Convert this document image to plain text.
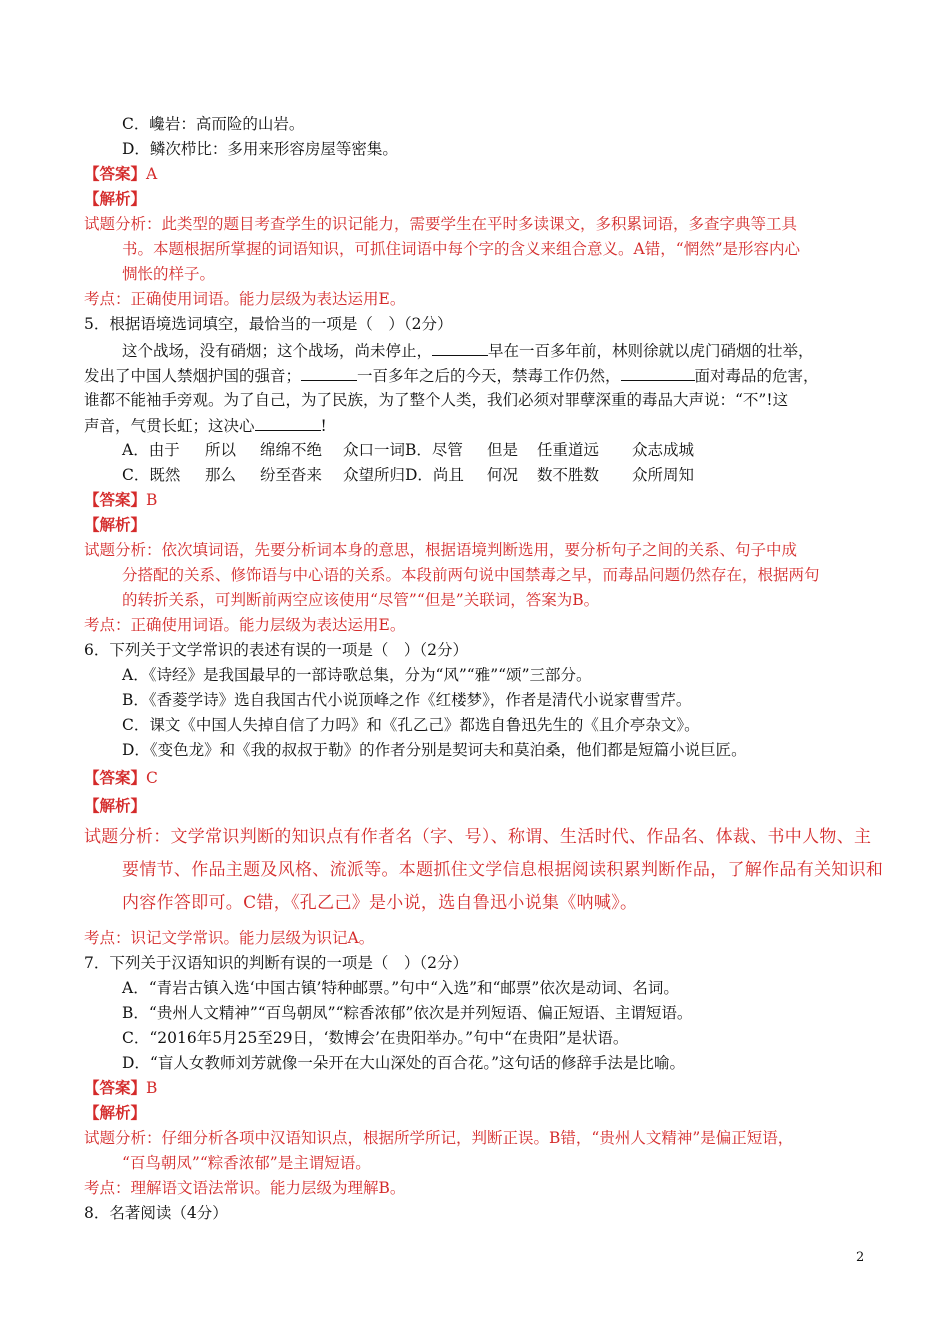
C．巉岩：高而险的山岩。
D．鳞次栉比：多用来形容房屋等密集。
【答案】A
【解析】
试题分析：此类型的题目考查学生的识记能力，需要学生在平时多读课文，多积累词语，多查字典等工具
书。本题根据所掌握的词语知识，可抓住词语中每个字的含义来组合意义。A错，“惘然”是形容内心
惆怅的样子。
考点：正确使用词语。能力层级为表达运用E。
5．根据语境选词填空，最恰当的一项是（　）（2分）
这个战场，没有硝烟；这个战场，尚未停止，	早在一百多年前，林则徐就以虎门硝烟的壮举，
发出了中国人禁烟护国的强音；	一百多年之后的今天，禁毒工作仍然，	面对毒品的危害，
谁都不能袖手旁观。为了自己，为了民族，为了整个人类，我们必须对罪孽深重的毒品大声说：“不”!这
声音，气贯长虹；这决心	!
A．由于 所以 绵绵不绝 众口一词B．尽管 但是 任重道远 众志成城
C．既然 那么 纷至沓来 众望所归D．尚且 何况 数不胜数 众所周知
【答案】B
【解析】
试题分析：依次填词语，先要分析词本身的意思，根据语境判断选用，要分析句子之间的关系、句子中成
分搭配的关系、修饰语与中心语的关系。本段前两句说中国禁毒之早，而毒品问题仍然存在，根据两句
的转折关系，可判断前两空应该使用“尽管”“但是”关联词，答案为B。
考点：正确使用词语。能力层级为表达运用E。
6．下列关于文学常识的表述有误的一项是（　）（2分）
A．《诗经》是我国最早的一部诗歌总集，分为“风”“雅”“颂”三部分。
B．《香菱学诗》选自我国古代小说顶峰之作《红楼梦》，作者是清代小说家曹雪芹。
C．课文《中国人失掉自信了力吗》和《孔乙己》都选自鲁迅先生的《且介亭杂文》。
D．《变色龙》和《我的叔叔于勒》的作者分别是契诃夫和莫泊桑，他们都是短篇小说巨匠。
【答案】C
【解析】
试题分析：文学常识判断的知识点有作者名（字、号）、称谓、生活时代、作品名、体裁、书中人物、主
要情节、作品主题及风格、流派等。本题抓住文学信息根据阅读积累判断作品，了解作品有关知识和
内容作答即可。C错，《孔乙己》是小说，选自鲁迅小说集《呐喊》。
考点：识记文学常识。能力层级为识记A。
7．下列关于汉语知识的判断有误的一项是（　）（2分）
A．“青岩古镇入选‘中国古镇’特种邮票。”句中“入选”和“邮票”依次是动词、名词。
B．“贵州人文精神”“百鸟朝凤”“粽香浓郁”依次是并列短语、偏正短语、主谓短语。
C．“2016年5月25至29日，‘数博会’在贵阳举办。”句中“在贵阳”是状语。
D．“盲人女教师刘芳就像一朵开在大山深处的百合花。”这句话的修辞手法是比喻。
【答案】B
【解析】
试题分析：仔细分析各项中汉语知识点，根据所学所记，判断正误。B错，“贵州人文精神”是偏正短语，
“百鸟朝凤”“粽香浓郁”是主谓短语。
考点：理解语文语法常识。能力层级为理解B。
8．名著阅读（4分）
2
